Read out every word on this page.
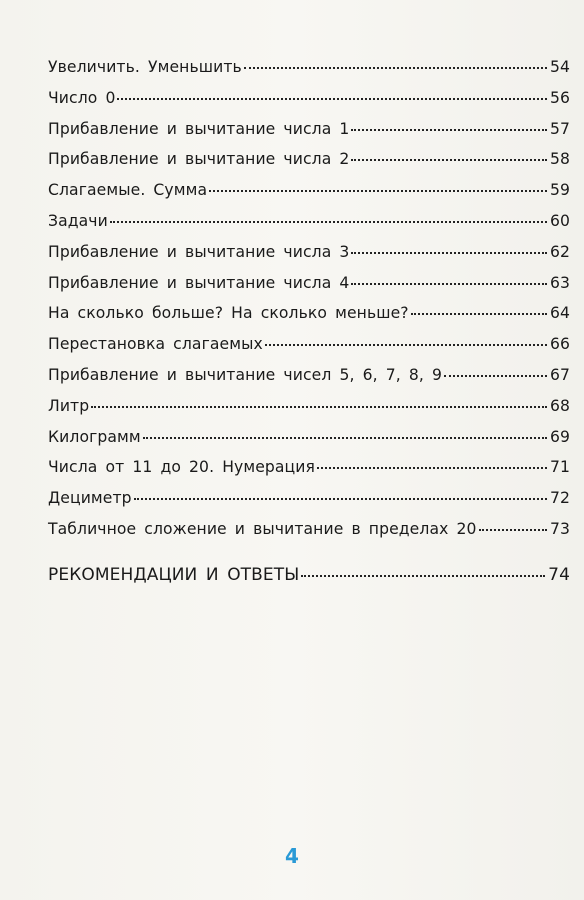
Увеличить. Уменьшить	54
Число 0	56
Прибавление и вычитание числа 1	57
Прибавление и вычитание числа 2	58
Слагаемые. Сумма	59
Задачи	60
Прибавление и вычитание числа 3	62
Прибавление и вычитание числа 4	63
На сколько больше? На сколько меньше?	64
Перестановка слагаемых	66
Прибавление и вычитание чисел 5, 6, 7, 8, 9	67
Литр	68
Килограмм	69
Числа от 11 до 20. Нумерация	71
Дециметр	72
Табличное сложение и вычитание в пределах 20	73
РЕКОМЕНДАЦИИ И ОТВЕТЫ	74
4
